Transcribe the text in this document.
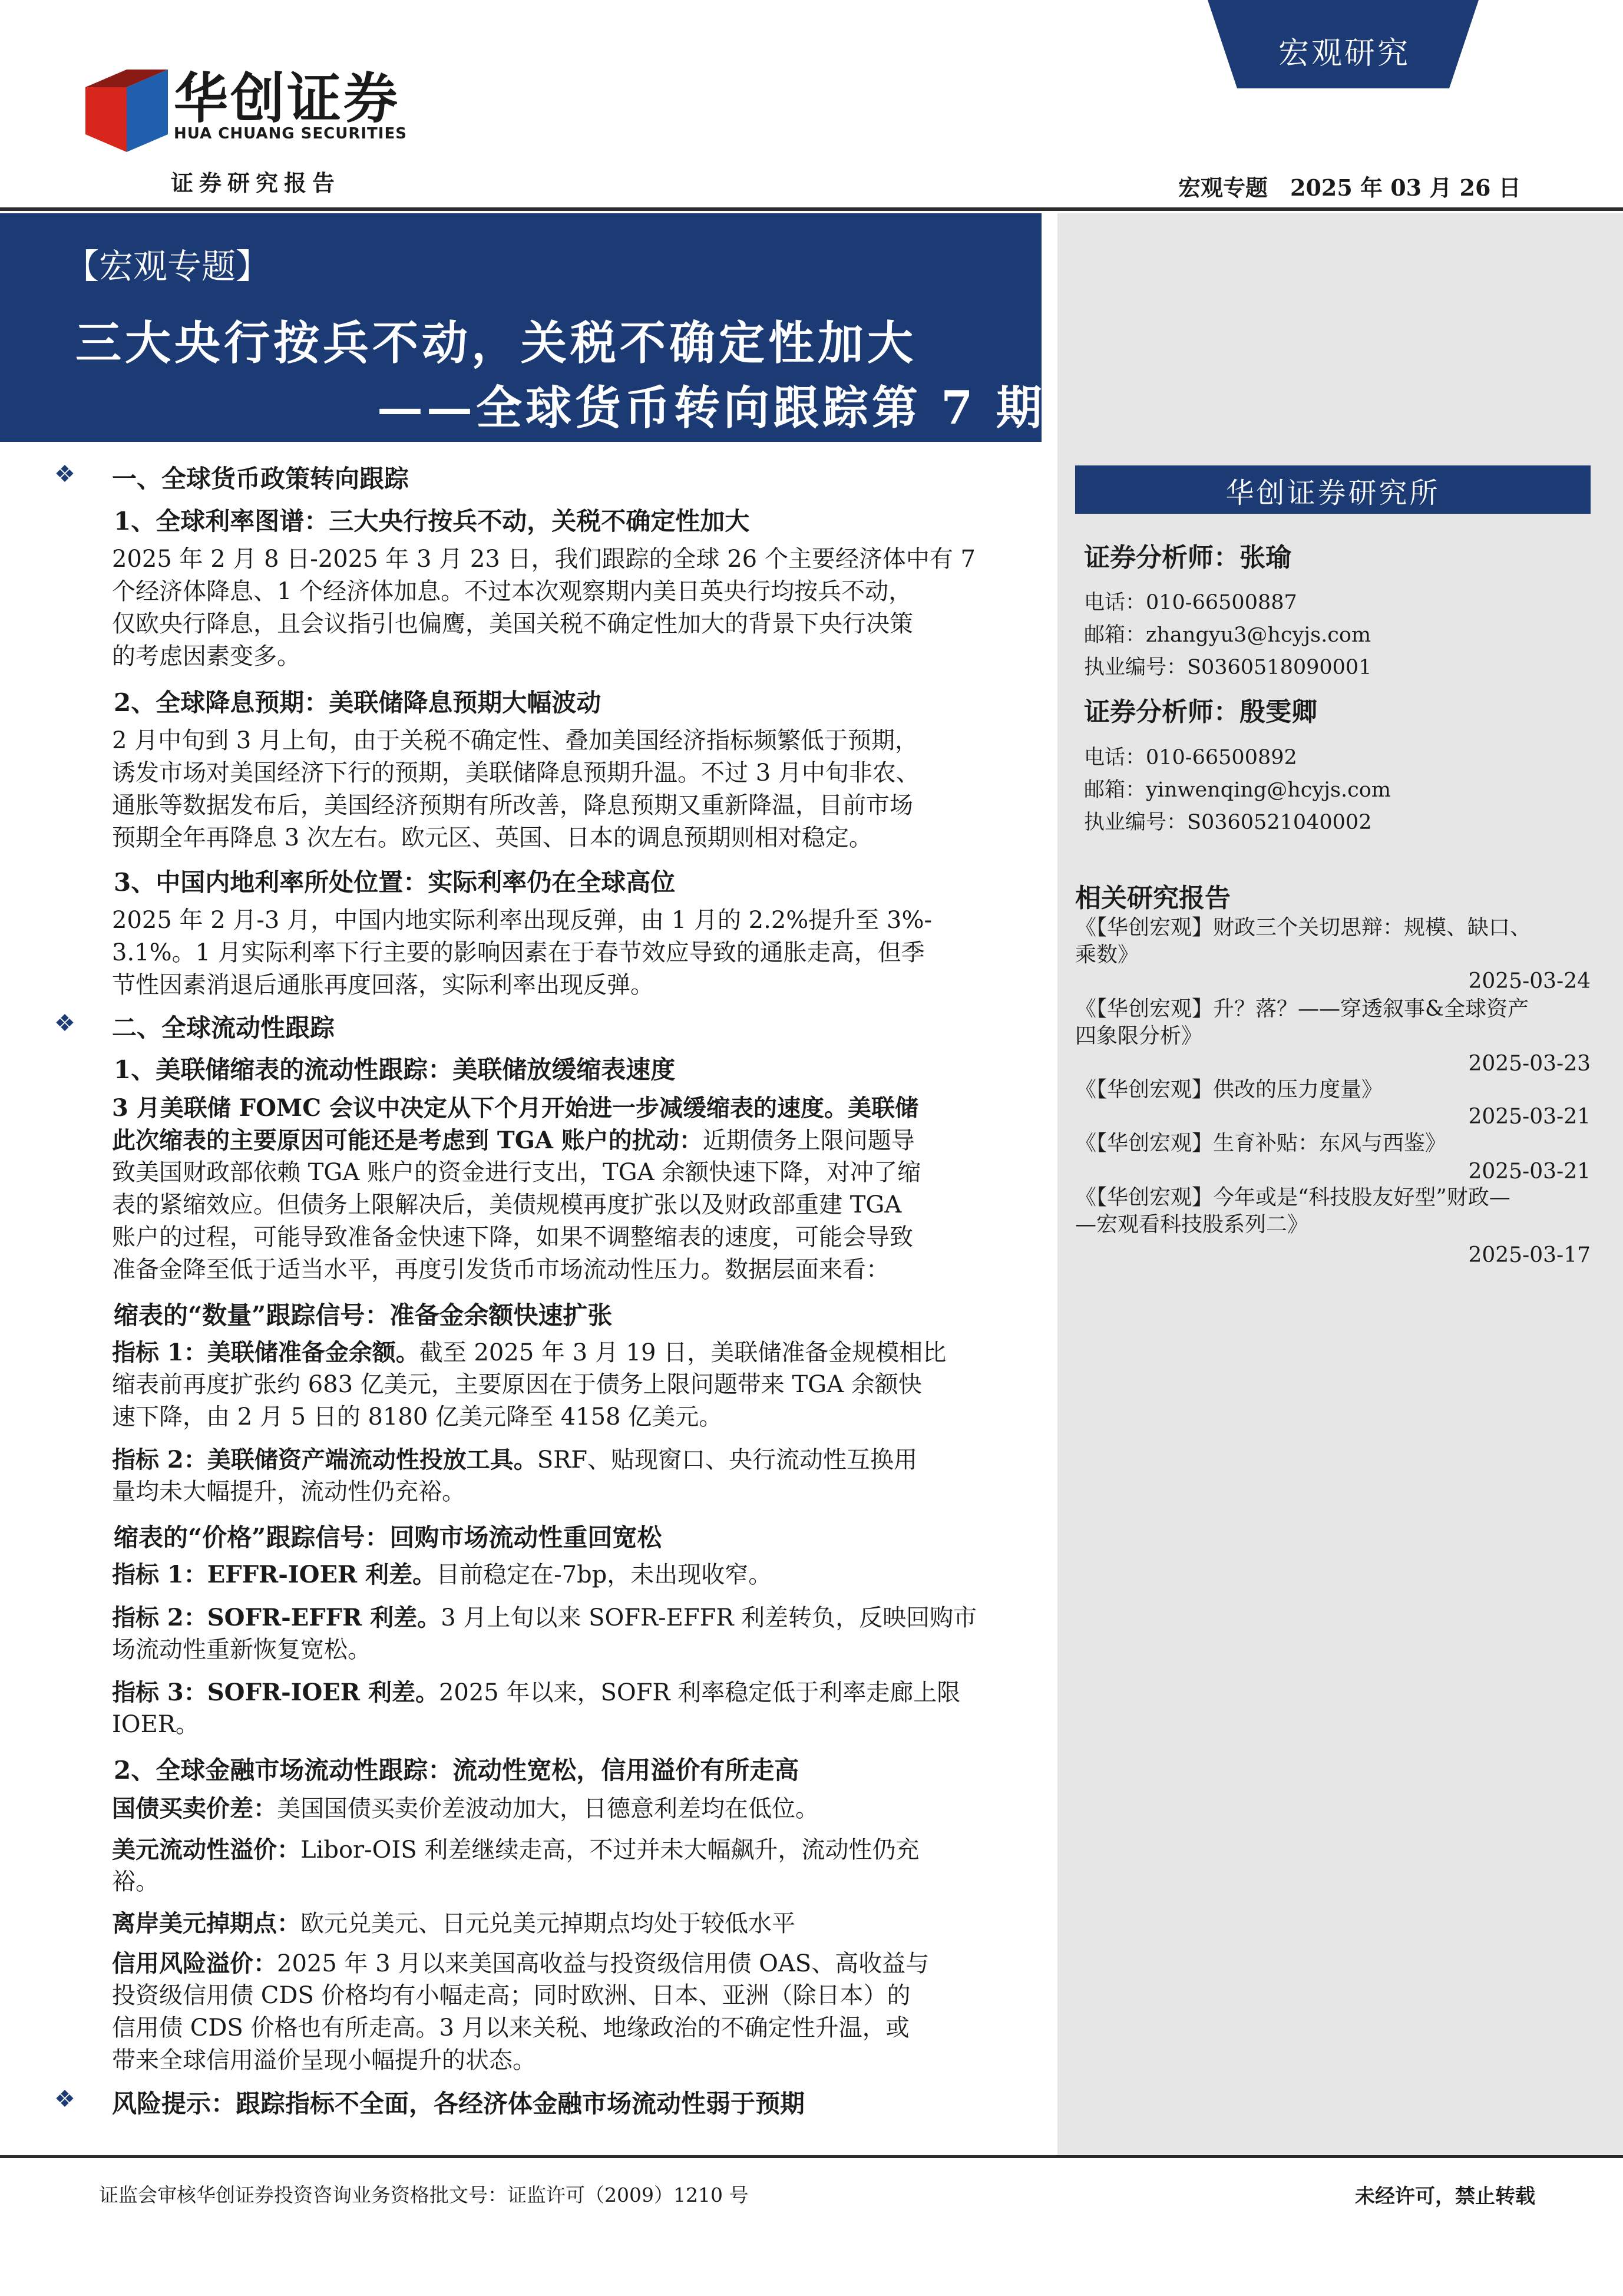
华创证券
HUA CHUANG SECURITIES
证券研究报告
宏观研究
宏观专题　2025 年 03 月 26 日
【宏观专题】
三大央行按兵不动，关税不确定性加大
——全球货币转向跟踪第 7 期
华创证券研究所
证券分析师：张瑜
电话：010-66500887
邮箱：zhangyu3@hcyjs.com
执业编号：S0360518090001
证券分析师：殷雯卿
电话：010-66500892
邮箱：yinwenqing@hcyjs.com
执业编号：S0360521040002
相关研究报告
《【华创宏观】财政三个关切思辩：规模、缺口、
乘数》
2025-03-24
《【华创宏观】升？落？——穿透叙事&全球资产
四象限分析》
2025-03-23
《【华创宏观】供改的压力度量》
2025-03-21
《【华创宏观】生育补贴：东风与西鉴》
2025-03-21
《【华创宏观】今年或是“科技股友好型”财政—
—宏观看科技股系列二》
2025-03-17
❖ 一、全球货币政策转向跟踪
1、全球利率图谱：三大央行按兵不动，关税不确定性加大
2025 年 2 月 8 日-2025 年 3 月 23 日，我们跟踪的全球 26 个主要经济体中有 7
个经济体降息、1 个经济体加息。不过本次观察期内美日英央行均按兵不动，
仅欧央行降息，且会议指引也偏鹰，美国关税不确定性加大的背景下央行决策
的考虑因素变多。
2、全球降息预期：美联储降息预期大幅波动
2 月中旬到 3 月上旬，由于关税不确定性、叠加美国经济指标频繁低于预期，
诱发市场对美国经济下行的预期，美联储降息预期升温。不过 3 月中旬非农、
通胀等数据发布后，美国经济预期有所改善，降息预期又重新降温，目前市场
预期全年再降息 3 次左右。欧元区、英国、日本的调息预期则相对稳定。
3、中国内地利率所处位置：实际利率仍在全球高位
2025 年 2 月-3 月，中国内地实际利率出现反弹，由 1 月的 2.2%提升至 3%-
3.1%。1 月实际利率下行主要的影响因素在于春节效应导致的通胀走高，但季
节性因素消退后通胀再度回落，实际利率出现反弹。
❖ 二、全球流动性跟踪
1、美联储缩表的流动性跟踪：美联储放缓缩表速度
3 月美联储 FOMC 会议中决定从下个月开始进一步减缓缩表的速度。美联储
此次缩表的主要原因可能还是考虑到 TGA 账户的扰动：近期债务上限问题导
致美国财政部依赖 TGA 账户的资金进行支出，TGA 余额快速下降，对冲了缩
表的紧缩效应。但债务上限解决后，美债规模再度扩张以及财政部重建 TGA
账户的过程，可能导致准备金快速下降，如果不调整缩表的速度，可能会导致
准备金降至低于适当水平，再度引发货币市场流动性压力。数据层面来看：
缩表的“数量”跟踪信号：准备金余额快速扩张
指标 1：美联储准备金余额。截至 2025 年 3 月 19 日，美联储准备金规模相比
缩表前再度扩张约 683 亿美元，主要原因在于债务上限问题带来 TGA 余额快
速下降，由 2 月 5 日的 8180 亿美元降至 4158 亿美元。
指标 2：美联储资产端流动性投放工具。SRF、贴现窗口、央行流动性互换用
量均未大幅提升，流动性仍充裕。
缩表的“价格”跟踪信号：回购市场流动性重回宽松
指标 1：EFFR-IOER 利差。目前稳定在-7bp，未出现收窄。
指标 2：SOFR-EFFR 利差。3 月上旬以来 SOFR-EFFR 利差转负，反映回购市
场流动性重新恢复宽松。
指标 3：SOFR-IOER 利差。2025 年以来，SOFR 利率稳定低于利率走廊上限
IOER。
2、全球金融市场流动性跟踪：流动性宽松，信用溢价有所走高
国债买卖价差：美国国债买卖价差波动加大，日德意利差均在低位。
美元流动性溢价：Libor-OIS 利差继续走高，不过并未大幅飙升，流动性仍充
裕。
离岸美元掉期点：欧元兑美元、日元兑美元掉期点均处于较低水平
信用风险溢价：2025 年 3 月以来美国高收益与投资级信用债 OAS、高收益与
投资级信用债 CDS 价格均有小幅走高；同时欧洲、日本、亚洲（除日本）的
信用债 CDS 价格也有所走高。3 月以来关税、地缘政治的不确定性升温，或
带来全球信用溢价呈现小幅提升的状态。
❖ 风险提示：跟踪指标不全面，各经济体金融市场流动性弱于预期
证监会审核华创证券投资咨询业务资格批文号：证监许可（2009）1210 号	未经许可，禁止转载
